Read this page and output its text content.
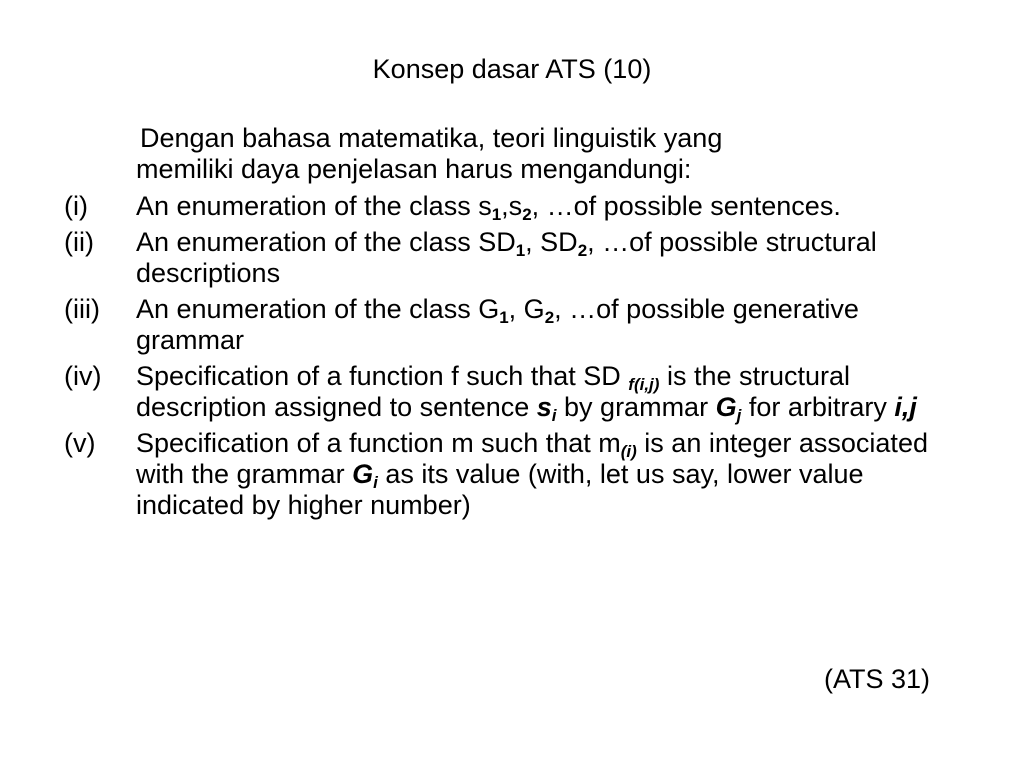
Konsep dasar ATS (10)
Dengan bahasa matematika, teori linguistik yang
memiliki daya penjelasan harus mengandungi:
(i)	An enumeration of the class $s_1,s_2$, …of possible sentences.
(ii)	An enumeration of the class $SD_1$, $SD_2$, …of possible structural descriptions
(iii)	An enumeration of the class $G_1$, $G_2$, …of possible generative grammar
(iv)	Specification of a function f such that SD f(i,j) is the structural description assigned to sentence $s_i$ by grammar $G_j$ for arbitrary i,j
(v)	Specification of a function m such that $m_{(i)}$ is an integer associated with the grammar $G_i$ as its value (with, let us say, lower value indicated by higher number)
(ATS 31)
